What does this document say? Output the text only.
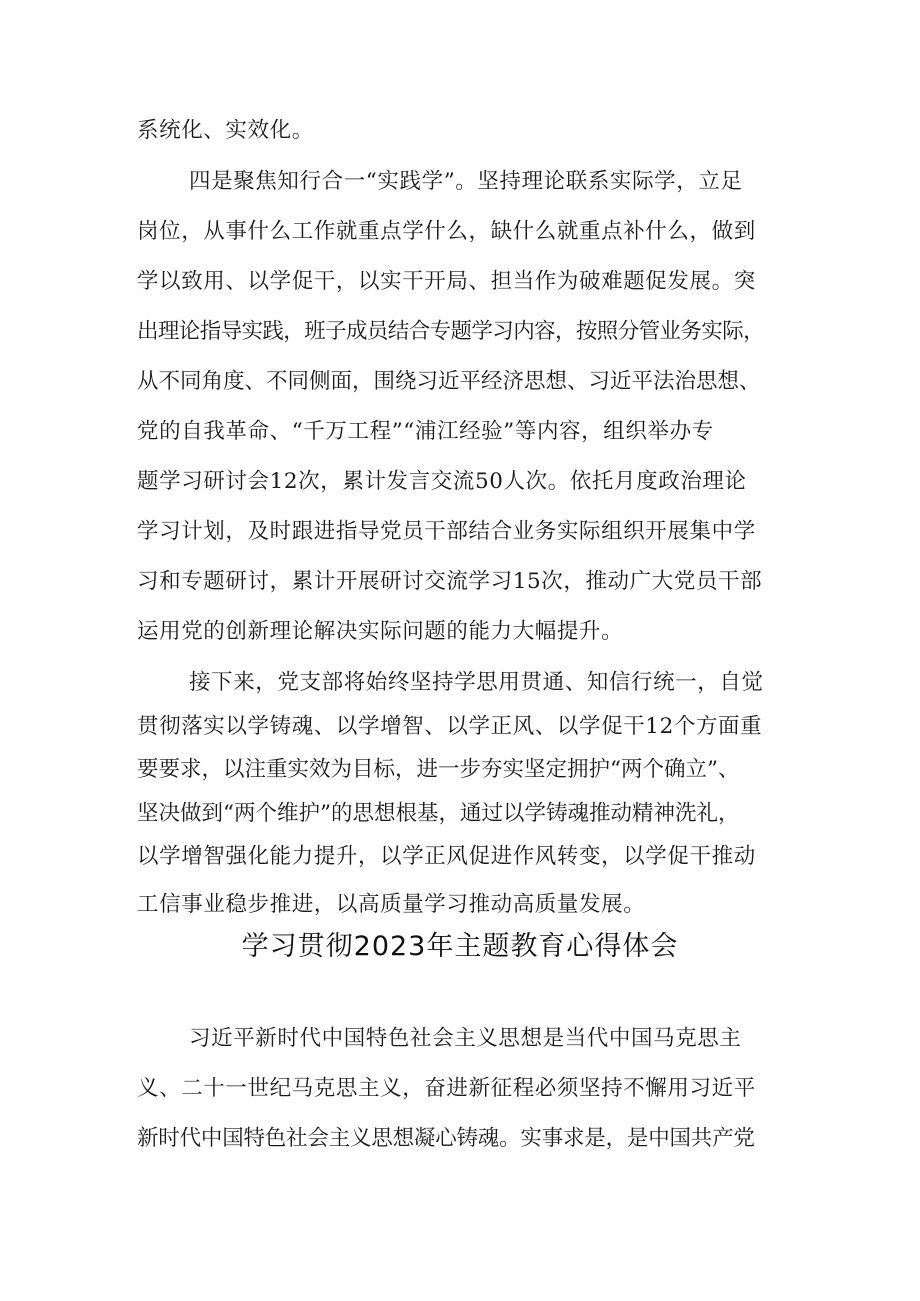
系统化、实效化。
四是聚焦知行合一“实践学”。坚持理论联系实际学，立足
岗位，从事什么工作就重点学什么，缺什么就重点补什么，做到
学以致用、以学促干，以实干开局、担当作为破难题促发展。突
出理论指导实践，班子成员结合专题学习内容，按照分管业务实际，
从不同角度、不同侧面，围绕习近平经济思想、习近平法治思想、
党的自我革命、“千万工程”“浦江经验”等内容，组织举办专
题学习研讨会12次，累计发言交流50人次。依托月度政治理论
学习计划，及时跟进指导党员干部结合业务实际组织开展集中学
习和专题研讨，累计开展研讨交流学习15次，推动广大党员干部
运用党的创新理论解决实际问题的能力大幅提升。
接下来，党支部将始终坚持学思用贯通、知信行统一，自觉
贯彻落实以学铸魂、以学增智、以学正风、以学促干12个方面重
要要求，以注重实效为目标，进一步夯实坚定拥护“两个确立”、
坚决做到“两个维护”的思想根基，通过以学铸魂推动精神洗礼，
以学增智强化能力提升，以学正风促进作风转变，以学促干推动
学习贯彻2023年主题教育心得体会
习近平新时代中国特色社会主义思想是当代中国马克思主
义、二十一世纪马克思主义，奋进新征程必须坚持不懈用习近平
新时代中国特色社会主义思想凝心铸魂。实事求是，是中国共产党
工信事业稳步推进，以高质量学习推动高质量发展。
